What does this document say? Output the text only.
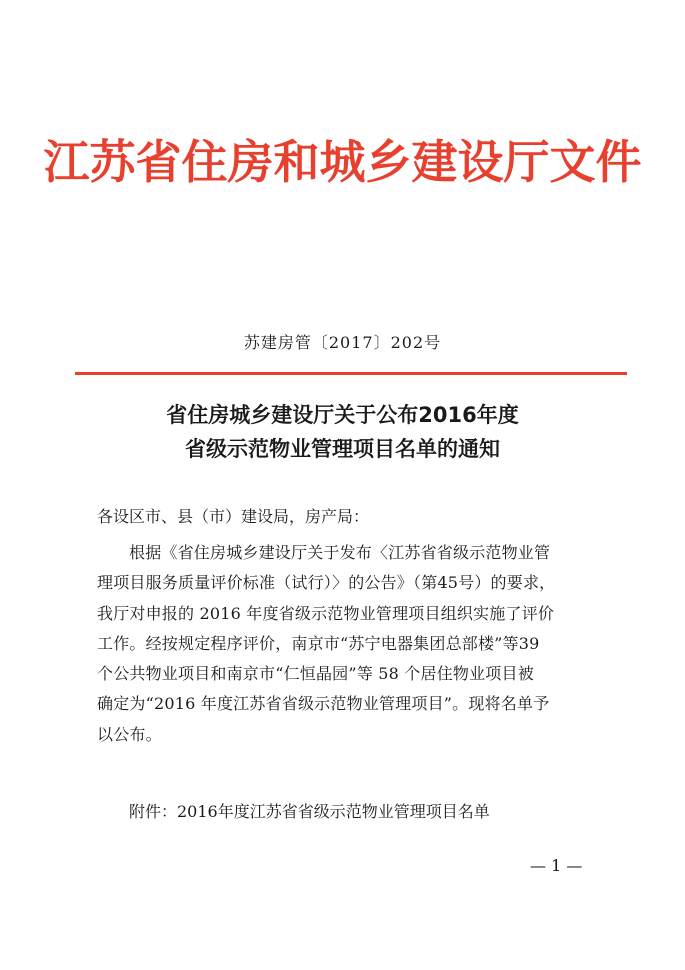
江苏省住房和城乡建设厅文件
苏建房管〔2017〕202号
省住房城乡建设厅关于公布2016年度
省级示范物业管理项目名单的通知
各设区市、县（市）建设局，房产局：
根据《省住房城乡建设厅关于发布〈江苏省省级示范物业管
理项目服务质量评价标准（试行）〉的公告》（第45号）的要求，
我厅对申报的 2016 年度省级示范物业管理项目组织实施了评价
工作。经按规定程序评价，南京市“苏宁电器集团总部楼”等39
个公共物业项目和南京市“仁恒晶园”等 58 个居住物业项目被
确定为“2016 年度江苏省省级示范物业管理项目”。现将名单予
以公布。
附件：2016年度江苏省省级示范物业管理项目名单
— 1 —
